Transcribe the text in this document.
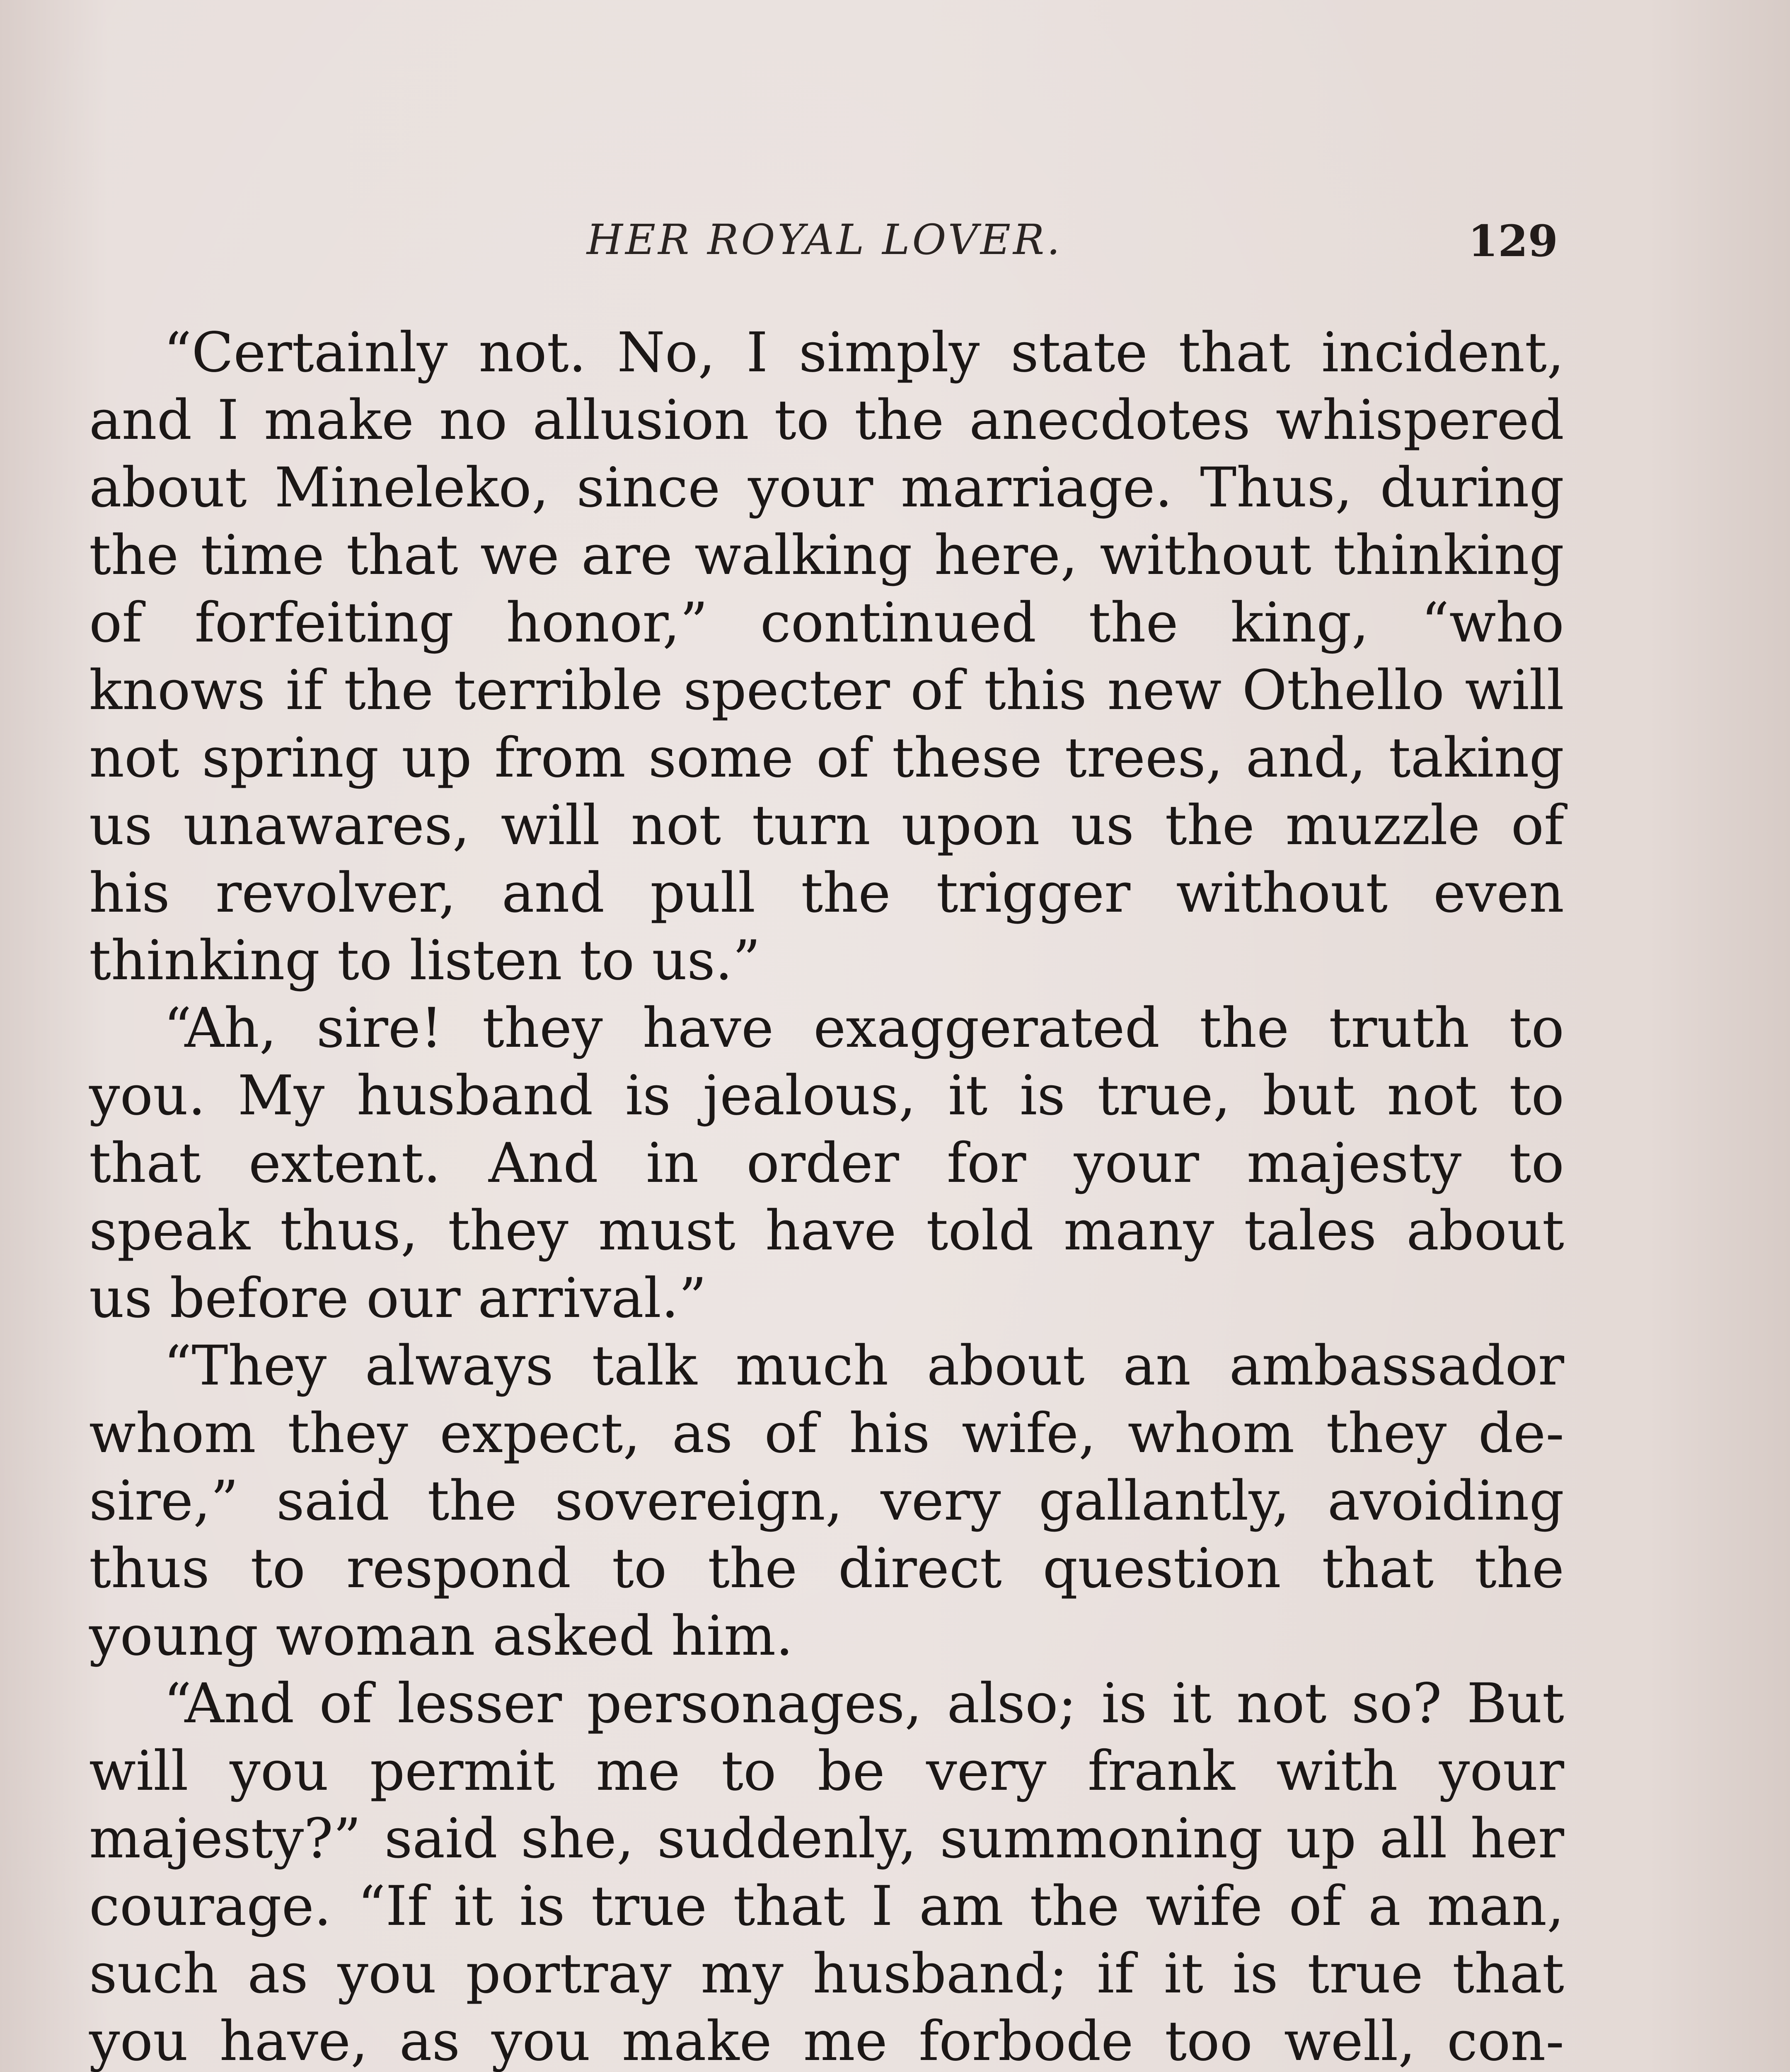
HER ROYAL LOVER.	129
“Certainly not. No, I simply state that incident,
and I make no allusion to the anecdotes whispered
about Mineleko, since your marriage. Thus, during
the time that we are walking here, without thinking
of forfeiting honor,” continued the king, “who
knows if the terrible specter of this new Othello will
not spring up from some of these trees, and, taking
us unawares, will not turn upon us the muzzle of
his revolver, and pull the trigger without even
thinking to listen to us.”
“Ah, sire! they have exaggerated the truth to
you. My husband is jealous, it is true, but not to
that extent. And in order for your majesty to
speak thus, they must have told many tales about
us before our arrival.”
“They always talk much about an ambassador
whom they expect, as of his wife, whom they de-
sire,” said the sovereign, very gallantly, avoiding
thus to respond to the direct question that the
young woman asked him.
“And of lesser personages, also; is it not so? But
will you permit me to be very frank with your
majesty?” said she, suddenly, summoning up all her
courage. “If it is true that I am the wife of a man,
such as you portray my husband; if it is true that
you have, as you make me forbode too well, con-
